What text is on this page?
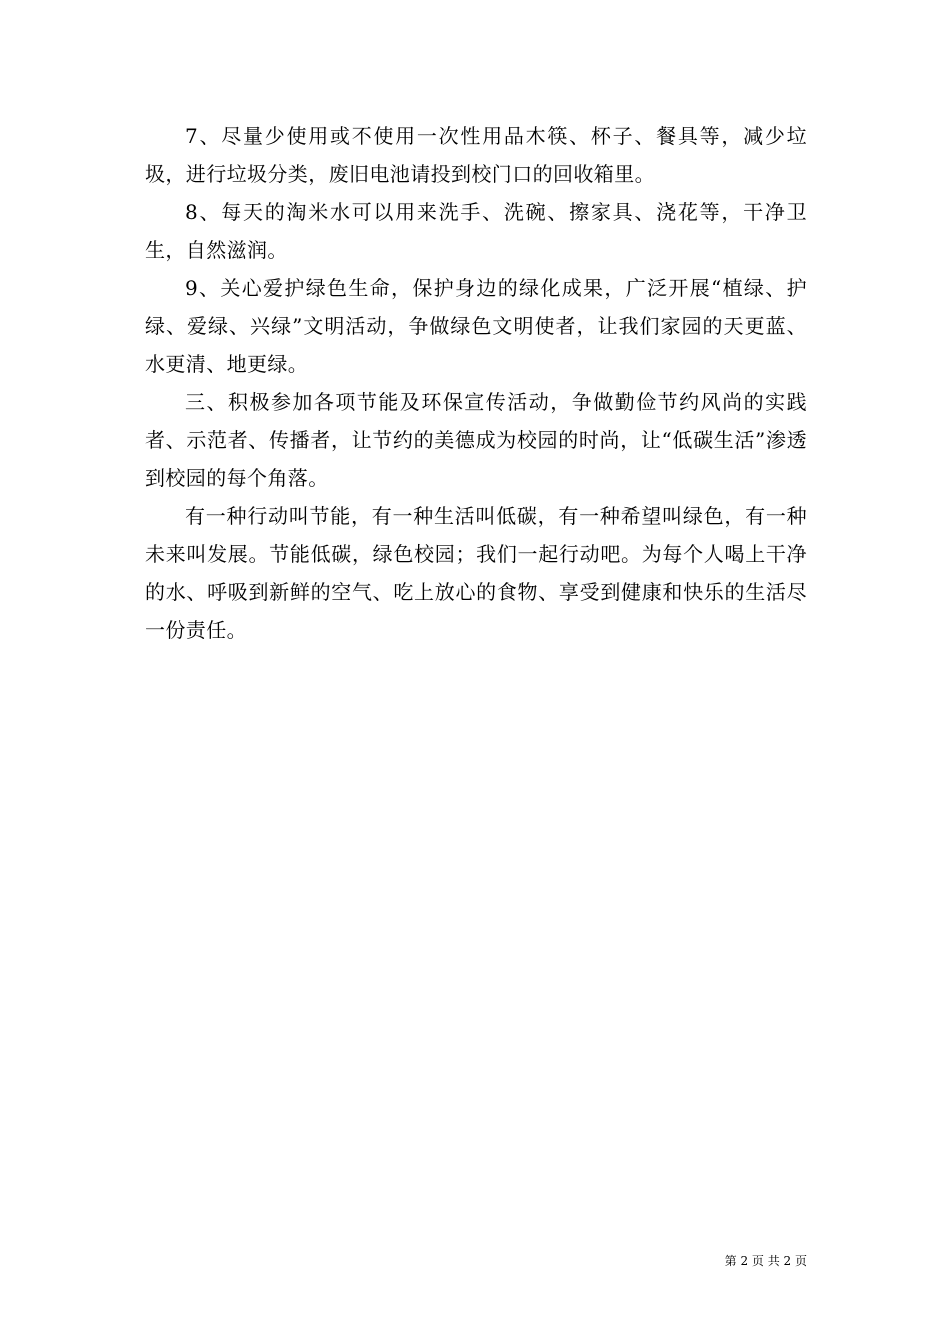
7、尽量少使用或不使用一次性用品木筷、杯子、餐具等，减少垃圾，进行垃圾分类，废旧电池请投到校门口的回收箱里。

8、每天的淘米水可以用来洗手、洗碗、擦家具、浇花等，干净卫生，自然滋润。

9、关心爱护绿色生命，保护身边的绿化成果，广泛开展“植绿、护绿、爱绿、兴绿”文明活动，争做绿色文明使者，让我们家园的天更蓝、水更清、地更绿。

三、积极参加各项节能及环保宣传活动，争做勤俭节约风尚的实践者、示范者、传播者，让节约的美德成为校园的时尚，让“低碳生活”渗透到校园的每个角落。

有一种行动叫节能，有一种生活叫低碳，有一种希望叫绿色，有一种未来叫发展。节能低碳，绿色校园；我们一起行动吧。为每个人喝上干净的水、呼吸到新鲜的空气、吃上放心的食物、享受到健康和快乐的生活尽一份责任。

第 2 页 共 2 页
